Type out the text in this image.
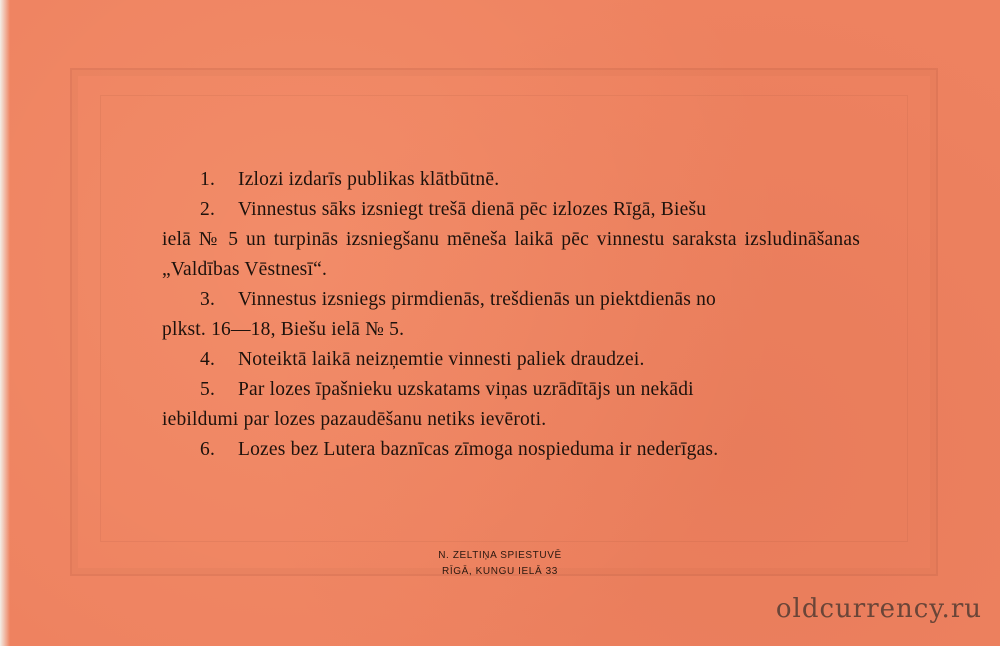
1. Izlozi izdarīs publikas klātbūtnē.

2. Vinnestus sāks izsniegt trešā dienā pēc izlozes Rīgā, Biešu
ielā № 5 un turpinās izsniegšanu mēneša laikā pēc vinnestu saraksta izsludināšanas „Valdības Vēstnesī“.

3. Vinnestus izsniegs pirmdienās, trešdienās un piektdienās no
plkst. 16—18, Biešu ielā № 5.

4. Noteiktā laikā neizņemtie vinnesti paliek draudzei.

5. Par lozes īpašnieku uzskatams viņas uzrādītājs un nekādi
iebildumi par lozes pazaudēšanu netiks ievēroti.

6. Lozes bez Lutera baznīcas zīmoga nospieduma ir nederīgas.

N. ZELTIŅA SPIESTUVĒ
RĪGĀ, KUNGU IELĀ 33
oldcurrency.ru
